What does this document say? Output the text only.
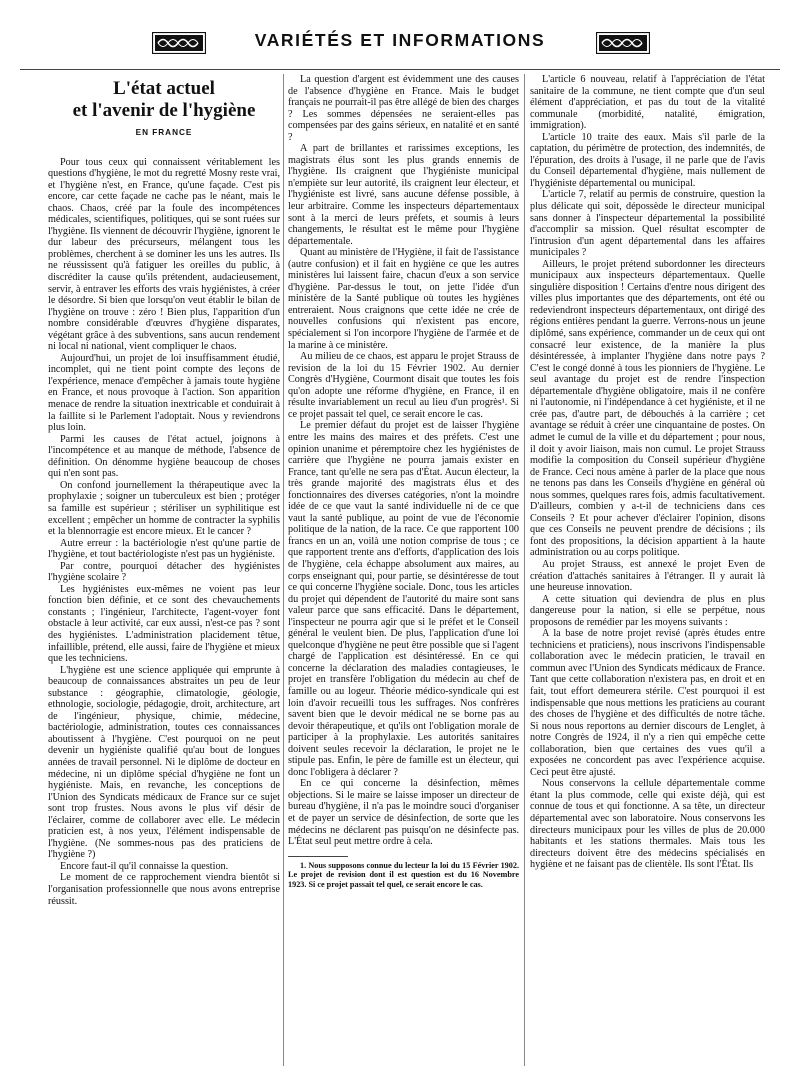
VARIÉTÉS ET INFORMATIONS
L'état actuel
et l'avenir de l'hygiène
EN FRANCE

Pour tous ceux qui connaissent véritablement les questions d'hygiène, le mot du regretté Mosny reste vrai, et l'hygiène n'est, en France, qu'une façade. C'est pis encore, car cette façade ne cache pas le néant, mais le chaos. Chaos, créé par la foule des incompétences médicales, scientifiques, politiques, qui se sont ruées sur l'hygiène. Ils viennent de découvrir l'hygiène, ignorent le dur labeur des précurseurs, mélangent tous les problèmes, cherchent à se dominer les uns les autres. Ils ne réussissent qu'à fatiguer les oreilles du public, à discréditer la cause qu'ils prétendent, audacieusement, servir, à entraver les efforts des vrais hygiénistes, à créer le désordre. Si bien que lorsqu'on veut établir le bilan de l'hygiène on trouve : zéro ! Bien plus, l'apparition d'un nombre considérable d'œuvres d'hygiène disparates, végétant grâce à des subventions, sans aucun rendement ni local ni national, vient compliquer le chaos.

Aujourd'hui, un projet de loi insuffisamment étudié, incomplet, qui ne tient point compte des leçons de l'expérience, menace d'empêcher à jamais toute hygiène en France, et nous provoque à l'action. Son apparition menace de rendre la situation inextricable et conduirait à la faillite si le Parlement l'adoptait. Nous y reviendrons plus loin.

Parmi les causes de l'état actuel, joignons à l'incompétence et au manque de méthode, l'absence de définition. On dénomme hygiène beaucoup de choses qui n'en sont pas.

On confond journellement la thérapeutique avec la prophylaxie ; soigner un tuberculeux est bien ; protéger sa famille est supérieur ; stériliser un syphilitique est excellent ; empêcher un homme de contracter la syphilis et la blennorragie est encore mieux. Et le cancer ?

Autre erreur : la bactériologie n'est qu'une partie de l'hygiène, et tout bactériologiste n'est pas un hygiéniste.

Par contre, pourquoi détacher des hygiénistes l'hygiène scolaire ?

Les hygiénistes eux-mêmes ne voient pas leur fonction bien définie, et ce sont des chevauchements constants ; l'ingénieur, l'architecte, l'agent-voyer font obstacle à leur activité, car eux aussi, n'est-ce pas ? sont des hygiénistes. L'administration placidement têtue, infaillible, prétend, elle aussi, faire de l'hygiène et mieux que les techniciens.

L'hygiène est une science appliquée qui emprunte à beaucoup de connaissances abstraites un peu de leur substance : géographie, climatologie, géologie, ethnologie, sociologie, pédagogie, droit, architecture, art de l'ingénieur, physique, chimie, médecine, bactériologie, administration, toutes ces connaissances aboutissent à l'hygiène. C'est pourquoi on ne peut devenir un hygiéniste qualifié qu'au bout de longues années de travail personnel. Ni le diplôme de docteur en médecine, ni un diplôme spécial d'hygiène ne font un hygiéniste. Mais, en revanche, les conceptions de l'Union des Syndicats médicaux de France sur ce sujet sont trop frustes. Nous avons le plus vif désir de l'éclairer, comme de collaborer avec elle. Le médecin praticien est, à nos yeux, l'élément indispensable de l'hygiène. (Ne sommes-nous pas des praticiens de l'hygiène ?)

Encore faut-il qu'il connaisse la question.

Le moment de ce rapprochement viendra bientôt si l'organisation professionnelle que nous avons entreprise réussit.

La question d'argent est évidemment une des causes de l'absence d'hygiène en France. Mais le budget français ne pourrait-il pas être allégé de bien des charges ? Les sommes dépensées ne seraient-elles pas compensées par des gains sérieux, en natalité et en santé ?

A part de brillantes et rarissimes exceptions, les magistrats élus sont les plus grands ennemis de l'hygiène. Ils craignent que l'hygiéniste municipal n'empiète sur leur autorité, ils craignent leur électeur, et l'hygiéniste est livré, sans aucune défense possible, à leur arbitraire. Comme les inspecteurs départementaux sont à la merci de leurs préfets, et soumis à leurs changements, le résultat est le même pour l'hygiène départementale.

Quant au ministère de l'Hygiène, il fait de l'assistance (autre confusion) et il fait en hygiène ce que les autres ministères lui laissent faire, chacun d'eux a son service d'hygiène. Par-dessus le tout, on jette l'idée d'un ministère de la Santé publique où toutes les hygiènes entreraient. Nous craignons que cette idée ne crée de nouvelles confusions qui n'existent pas encore, spécialement si l'on incorpore l'hygiène de l'armée et de la marine à ce ministère.

Au milieu de ce chaos, est apparu le projet Strauss de revision de la loi du 15 Février 1902. Au dernier Congrès d'Hygiène, Courmont disait que toutes les fois qu'on adopte une réforme d'hygiène, en France, il en résulte invariablement un recul au lieu d'un progrès¹. Si ce projet passait tel quel, ce serait encore le cas.

Le premier défaut du projet est de laisser l'hygiène entre les mains des maires et des préfets. C'est une opinion unanime et péremptoire chez les hygiénistes de carrière que l'hygiène ne pourra jamais exister en France, tant qu'elle ne sera pas d'État. Aucun électeur, la très grande majorité des magistrats élus et des fonctionnaires des diverses catégories, n'ont la moindre idée de ce que vaut la santé individuelle ni de ce que vaut la santé publique, au point de vue de l'économie politique de la nation, de la race. Ce que rapportent 100 francs en un an, voilà une notion comprise de tous ; ce que rapportent trente ans d'efforts, d'application des lois de l'hygiène, cela échappe absolument aux maires, au corps enseignant qui, pour partie, se désintéresse de tout ce qui concerne l'hygiène sociale. Donc, tous les articles du projet qui dépendent de l'autorité du maire sont sans valeur parce que sans efficacité. Dans le département, l'inspecteur ne pourra agir que si le préfet et le Conseil général le veulent bien. De plus, l'application d'une loi quelconque d'hygiène ne peut être possible que si l'agent chargé de l'application est désintéressé. En ce qui concerne la déclaration des maladies contagieuses, le projet en transfère l'obligation du médecin au chef de famille ou au logeur. Théorie médico-syndicale qui est loin d'avoir recueilli tous les suffrages. Nos confrères savent bien que le devoir médical ne se borne pas au devoir thérapeutique, et qu'ils ont l'obligation morale de participer à la prophylaxie. Les autorités sanitaires doivent seules recevoir la déclaration, le projet ne le stipule pas. Enfin, le père de famille est un électeur, qui donc l'obligera à déclarer ?

En ce qui concerne la désinfection, mêmes objections. Si le maire se laisse imposer un directeur de bureau d'hygiène, il n'a pas le moindre souci d'organiser et de payer un service de désinfection, de sorte que les médecins ne déclarent pas puisqu'on ne désinfecte pas. L'État seul peut mettre ordre à cela.

1. Nous supposons connue du lecteur la loi du 15 Février 1902. Le projet de revision dont il est question est du 16 Novembre 1923. Si ce projet passait tel quel, ce serait encore le cas.

L'article 6 nouveau, relatif à l'appréciation de l'état sanitaire de la commune, ne tient compte que d'un seul élément d'appréciation, et pas du tout de la vitalité communale (morbidité, natalité, émigration, immigration).

L'article 10 traite des eaux. Mais s'il parle de la captation, du périmètre de protection, des indemnités, de l'épuration, des droits à l'usage, il ne parle que de l'avis du Conseil départemental d'hygiène, mais nullement de l'hygiéniste départemental ou municipal.

L'article 7, relatif au permis de construire, question la plus délicate qui soit, dépossède le directeur municipal sans donner à l'inspecteur départemental la possibilité d'accomplir sa mission. Quel résultat escompter de l'intrusion d'un agent départemental dans les affaires municipales ?

Ailleurs, le projet prétend subordonner les directeurs municipaux aux inspecteurs départementaux. Quelle singulière disposition ! Certains d'entre nous dirigent des villes plus importantes que des départements, ont été ou redeviendront inspecteurs départementaux, ont dirigé des régions entières pendant la guerre. Verrons-nous un jeune diplômé, sans expérience, commander un de ceux qui ont consacré leur existence, de la manière la plus désintéressée, à implanter l'hygiène dans notre pays ? C'est le congé donné à tous les pionniers de l'hygiène. Le seul avantage du projet est de rendre l'inspection départementale d'hygiène obligatoire, mais il ne confère ni l'autonomie, ni l'indépendance à cet hygiéniste, et il ne crée pas, d'autre part, de débouchés à la carrière ; cet avantage se réduit à créer une cinquantaine de postes. On admet le cumul de la ville et du département ; pour nous, il doit y avoir liaison, mais non cumul. Le projet Strauss modifie la composition du Conseil supérieur d'hygiène de France. Ceci nous amène à parler de la place que nous ne tenons pas dans les Conseils d'hygiène en général où nous sommes, quelques rares fois, admis facultativement. D'ailleurs, combien y a-t-il de techniciens dans ces Conseils ? Et pour achever d'éclairer l'opinion, disons que ces Conseils ne peuvent prendre de décisions ; ils font des propositions, la décision appartient à la haute administration ou au corps politique.

Au projet Strauss, est annexé le projet Even de création d'attachés sanitaires à l'étranger. Il y aurait là une heureuse innovation.

A cette situation qui deviendra de plus en plus dangereuse pour la nation, si elle se perpétue, nous proposons de remédier par les moyens suivants :

A la base de notre projet revisé (après études entre techniciens et praticiens), nous inscrivons l'indispensable collaboration avec le médecin praticien, le travail en commun avec l'Union des Syndicats médicaux de France. Tant que cette collaboration n'existera pas, en droit et en fait, tout effort demeurera stérile. C'est pourquoi il est indispensable que nous mettions les praticiens au courant des choses de l'hygiène et des difficultés de notre tâche. Si nous nous reportons au dernier discours de Lenglet, à notre Congrès de 1924, il n'y a rien qui empêche cette collaboration, bien que certaines des vues qu'il a exposées ne concordent pas avec l'expérience acquise. Ceci peut être ajusté.

Nous conservons la cellule départementale comme étant la plus commode, celle qui existe déjà, qui est connue de tous et qui fonctionne. A sa tête, un directeur départemental avec son laboratoire. Nous conservons les directeurs municipaux pour les villes de plus de 20.000 habitants et les stations thermales. Mais tous les directeurs doivent être des médecins spécialisés en hygiène et ne faisant pas de clientèle. Ils sont l'État. Ils
